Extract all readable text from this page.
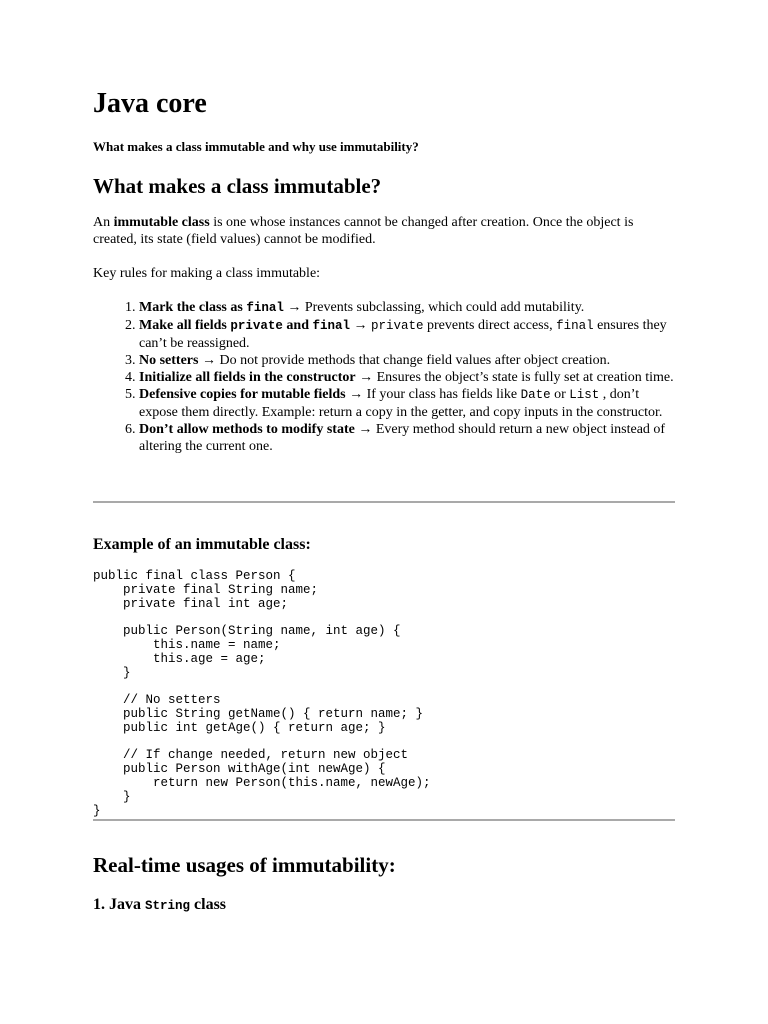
Java core

What makes a class immutable and why use immutability?

What makes a class immutable?

An immutable class is one whose instances cannot be changed after creation. Once the object is created, its state (field values) cannot be modified.

Key rules for making a class immutable:

1. Mark the class as final → Prevents subclassing, which could add mutability.
2. Make all fields private and final → private prevents direct access, final ensures they can’t be reassigned.
3. No setters → Do not provide methods that change field values after object creation.
4. Initialize all fields in the constructor → Ensures the object’s state is fully set at creation time.
5. Defensive copies for mutable fields → If your class has fields like Date or List , don’t expose them directly. Example: return a copy in the getter, and copy inputs in the constructor.
6. Don’t allow methods to modify state → Every method should return a new object instead of altering the current one.
Example of an immutable class:
public final class Person {
private final String name;
private final int age;

public Person(String name, int age) {
this.name = name;
this.age = age;
}

// No setters
public String getName() { return name; }
public int getAge() { return age; }

// If change needed, return new object
public Person withAge(int newAge) {
return new Person(this.name, newAge);
}
}
Real-time usages of immutability:
1. Java String class
